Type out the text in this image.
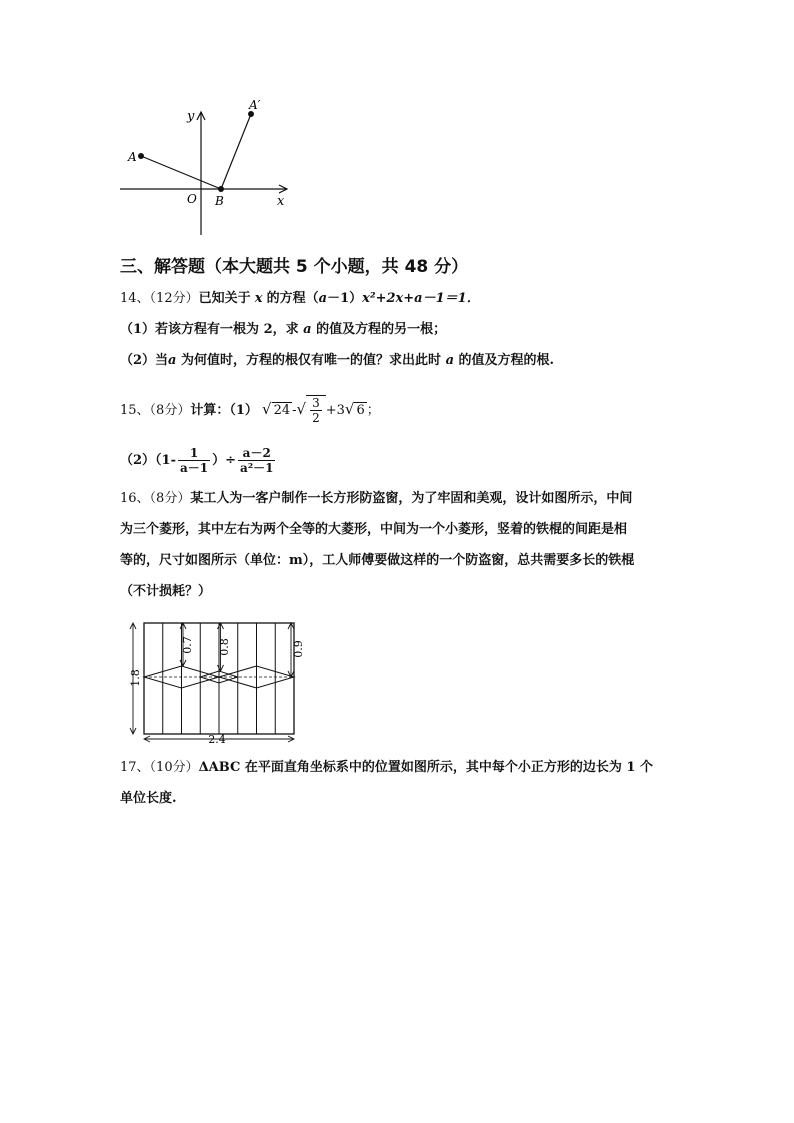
y
x
O
A
A′
B
三、解答题（本大题共 5 个小题，共 48 分）
14、（12分）已知关于 x 的方程（a－1）x²+2x+a－1＝1．
（1）若该方程有一根为 2，求 a 的值及方程的另一根；
（2）当a 为何值时，方程的根仅有唯一的值？求出此时 a 的值及方程的根.
15、（8分）计算：（1） √ 24 -√ $\frac{3}{2} +3√$ 6 ；
$(2)(1- \frac{1}{a-1}$ ）÷ $\frac{a-2}{\text{a²－1}}$
16、（8分）某工人为一客户制作一长方形防盗窗，为了牢固和美观，设计如图所示，中间
为三个菱形，其中左右为两个全等的大菱形，中间为一个小菱形，竖着的铁棍的间距是相
等的，尺寸如图所示（单位：m），工人师傅要做这样的一个防盗窗，总共需要多长的铁棍
（不计损耗？）
1.8
0.7 0.8	0.9
2.4
17、（10分）ΔABC 在平面直角坐标系中的位置如图所示，其中每个小正方形的边长为 1 个
单位长度.
